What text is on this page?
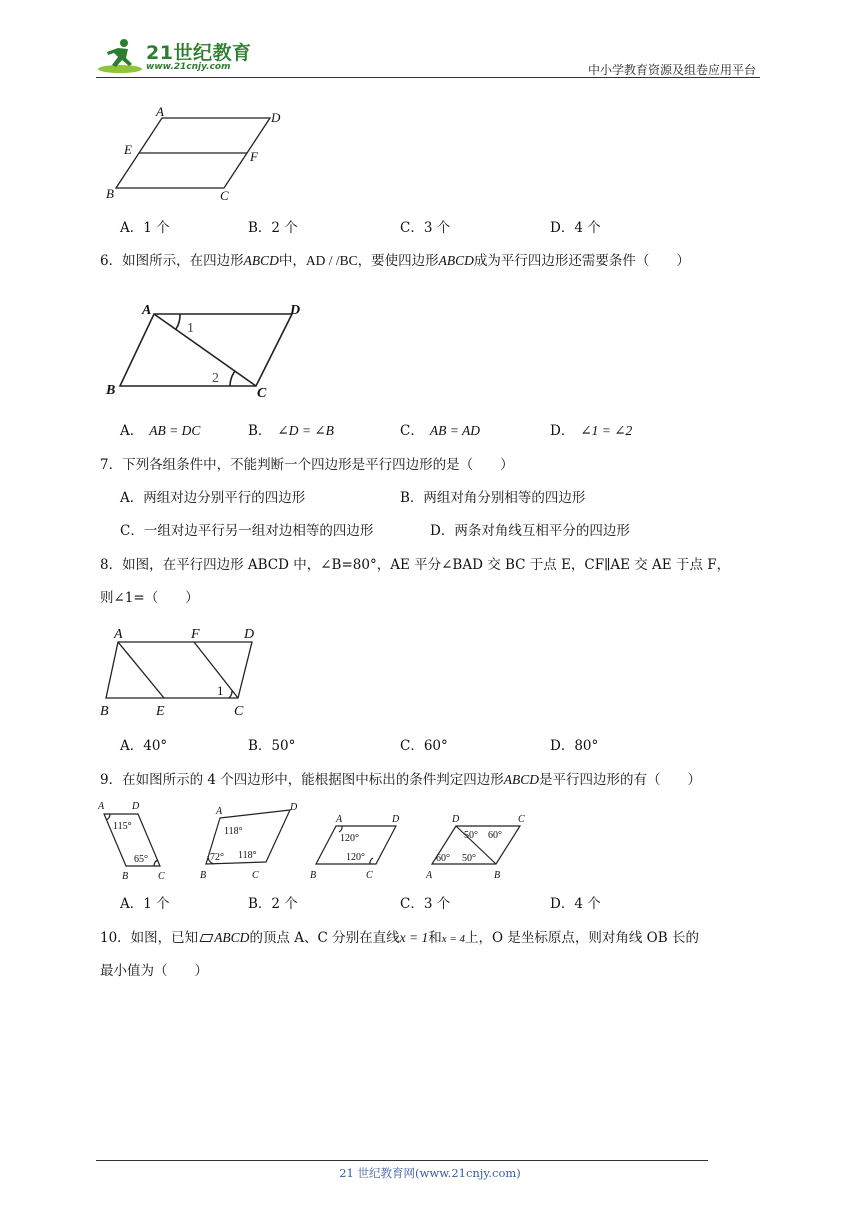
21世纪教育
www.21cnjy.com	中小学教育资源及组卷应用平台
A	D
E	F
B	C
A．1 个	B．2 个	C．3 个	D．4 个
6．如图所示，在四边形ABCD中，AD / /BC，要使四边形ABCD成为平行四边形还需要条件（　　）
A	D
B	C
1
2
A． AB = DC	B． ∠D = ∠B	C． AB = AD	D． ∠1 = ∠2
7．下列各组条件中，不能判断一个四边形是平行四边形的是（　　）
A．两组对边分别平行的四边形	B．两组对角分别相等的四边形
C．一组对边平行另一组对边相等的四边形	D．两条对角线互相平分的四边形
8．如图，在平行四边形 ABCD 中，∠B=80°，AE 平分∠BAD 交 BC 于点 E，CF∥AE 交 AE 于点 F，
则∠1=（　　）
A	F	D
B	E	C
1
A．40°	B．50°	C．60°	D．80°
9．在如图所示的 4 个四边形中，能根据图中标出的条件判定四边形ABCD是平行四边形的有（　　）
A	D
B	C
115°
65°
A	D
B	C
118°
72° 118°
A	D
B	C
120°
120°
D	C
A	B
50° 60°
60° 50°
A．1 个	B．2 个	C．3 个	D．4 个
10．如图，已知 ABCD的顶点 A、C 分别在直线x = 1和x = 4上，O 是坐标原点，则对角线 OB 长的
最小值为（　　）
21 世纪教育网(www.21cnjy.com)
